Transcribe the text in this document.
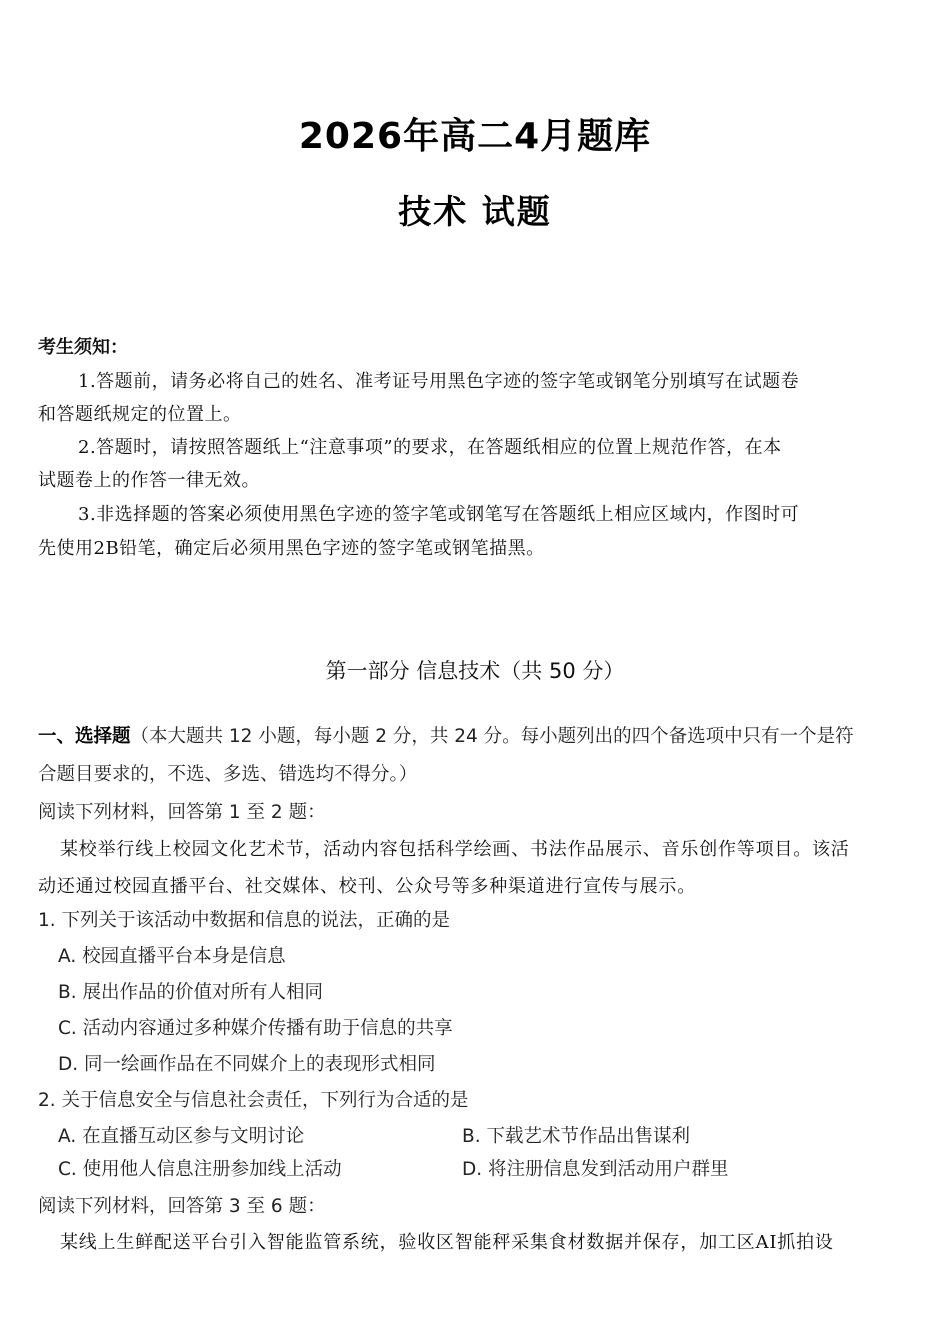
2026年高二4月题库
技术 试题
考生须知：
1.答题前，请务必将自己的姓名、准考证号用黑色字迹的签字笔或钢笔分别填写在试题卷
和答题纸规定的位置上。
2.答题时，请按照答题纸上“注意事项”的要求，在答题纸相应的位置上规范作答，在本
试题卷上的作答一律无效。
3.非选择题的答案必须使用黑色字迹的签字笔或钢笔写在答题纸上相应区域内，作图时可
先使用2B铅笔，确定后必须用黑色字迹的签字笔或钢笔描黑。
第一部分 信息技术（共 50 分）
一、选择题（本大题共 12 小题，每小题 2 分，共 24 分。每小题列出的四个备选项中只有一个是符
合题目要求的，不选、多选、错选均不得分。）
阅读下列材料，回答第 1 至 2 题：
某校举行线上校园文化艺术节，活动内容包括科学绘画、书法作品展示、音乐创作等项目。该活
动还通过校园直播平台、社交媒体、校刊、公众号等多种渠道进行宣传与展示。
1. 下列关于该活动中数据和信息的说法，正确的是
A. 校园直播平台本身是信息
B. 展出作品的价值对所有人相同
C. 活动内容通过多种媒介传播有助于信息的共享
D. 同一绘画作品在不同媒介上的表现形式相同
2. 关于信息安全与信息社会责任，下列行为合适的是
A. 在直播互动区参与文明讨论	B. 下载艺术节作品出售谋利
C. 使用他人信息注册参加线上活动	D. 将注册信息发到活动用户群里
阅读下列材料，回答第 3 至 6 题：
某线上生鲜配送平台引入智能监管系统，验收区智能秤采集食材数据并保存，加工区AI抓拍设
